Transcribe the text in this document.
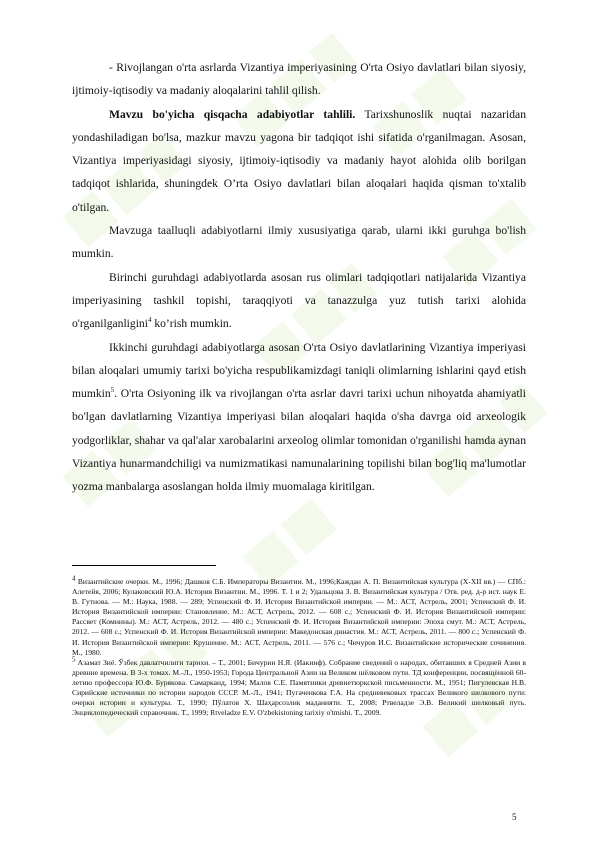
- Rivojlangan o'rta asrlarda Vizantiya imperiyasining O'rta Osiyo davlatlari bilan siyosiy, ijtimoiy-iqtisodiy va madaniy aloqalarini tahlil qilish.

Mavzu bo'yicha qisqacha adabiyotlar tahlili. Tarixshunoslik nuqtai nazaridan yondashiladigan bo'lsa, mazkur mavzu yagona bir tadqiqot ishi sifatida o'rganilmagan. Asosan, Vizantiya imperiyasidagi siyosiy, ijtimoiy-iqtisodiy va madaniy hayot alohida olib borilgan tadqiqot ishlarida, shuningdek O’rta Osiyo davlatlari bilan aloqalari haqida qisman to'xtalib o'tilgan.

Mavzuga taalluqli adabiyotlarni ilmiy xususiyatiga qarab, ularni ikki guruhga bo'lish mumkin.

Birinchi guruhdagi adabiyotlarda asosan rus olimlari tadqiqotlari natijalarida Vizantiya imperiyasining tashkil topishi, taraqqiyoti va tanazzulga yuz tutish tarixi alohida o'rganilganligini$^4$ ko’rish mumkin.

Ikkinchi guruhdagi adabiyotlarga asosan O'rta Osiyo davlatlarining Vizantiya imperiyasi bilan aloqalari umumiy tarixi bo'yicha respublikamizdagi taniqli olimlarning ishlarini qayd etish mumkin$^5$. O'rta Osiyoning ilk va rivojlangan o'rta asrlar davri tarixi uchun nihoyatda ahamiyatli bo'lgan davlatlarning Vizantiya imperiyasi bilan aloqalari haqida o'sha davrga oid arxeologik yodgorliklar, shahar va qal'alar xarobalarini arxeolog olimlar tomonidan o'rganilishi hamda aynan Vizantiya hunarmandchiligi va numizmatikasi namunalarining topilishi bilan bog'liq ma'lumotlar yozma manbalarga asoslangan holda ilmiy muomalaga kiritilgan.

$^4$ Византийские очерки. М., 1996; Дашков С.Б. Императоры Византии. М., 1996;Каждан А. П. Византийская культура (X-XII вв.) — СПб.: Алетейя, 2006; Кулаковский Ю.А. История Византии. М., 1996. Т. 1 и 2; Удальцова З. В. Византийская культура / Отв. ред. д-р ист. наук Е. В. Гутнова. — М.: Наука, 1988. — 289; Успенский Ф. И. История Византийской империи. — М.: АСТ, Астрель, 2001; Успенский Ф. И. История Византийской империи: Становление. М.: АСТ, Астрель, 2012. — 608 с.; Успенский Ф. И. История Византийской империи: Рассвет (Комнины). М.: АСТ, Астрель, 2012. — 480 с.; Успенский Ф. И. История Византийской империи: Эпоха смут. М.: АСТ, Астрель, 2012. — 608 с.; Успенский Ф. И. История Византийской империи: Македонская династия. М.: АСТ, Астрель, 2011. — 800 с.; Успенский Ф. И. История Византийской империи: Крушение. М.: АСТ, Астрель, 2011. — 576 с.; Чичуров И.С. Византийские исторические сочинения. М., 1980.

$^5$ Азамат Зиё. Ўзбек давлатчилиги тарихи. – Т., 2001; Бичурин Н.Я. (Иакинф). Собрание сведений о народах, обитавших в Средней Азии в древние времена. В 3-х томах. М.-Л., 1950-1953; Города Центральной Азии на Великом шёлковом пути. ТД конференции, посвящённой 60-летию профессора Ю.Ф. Буряковa. Самарканд, 1994; Малов С.Е. Памятники древнетюркской письменности. М., 1951; Пигулевская Н.В. Сирийские источники по истории народов СССР. М.-Л., 1941; Пугаченкова Г.А. На средневековых трассах Великого шелкового пути: очерки истории и культуры. Т., 1990; Пўлатов Х. Шаҳарсозлик маданияти. Т., 2008; Ртвеладзе Э.В. Великий шелковый путь. Энциклопедический справочник. Т., 1999; Rtveladze E.V. O'zbekistoning tarixiy o'tmishi. T., 2009.

5
